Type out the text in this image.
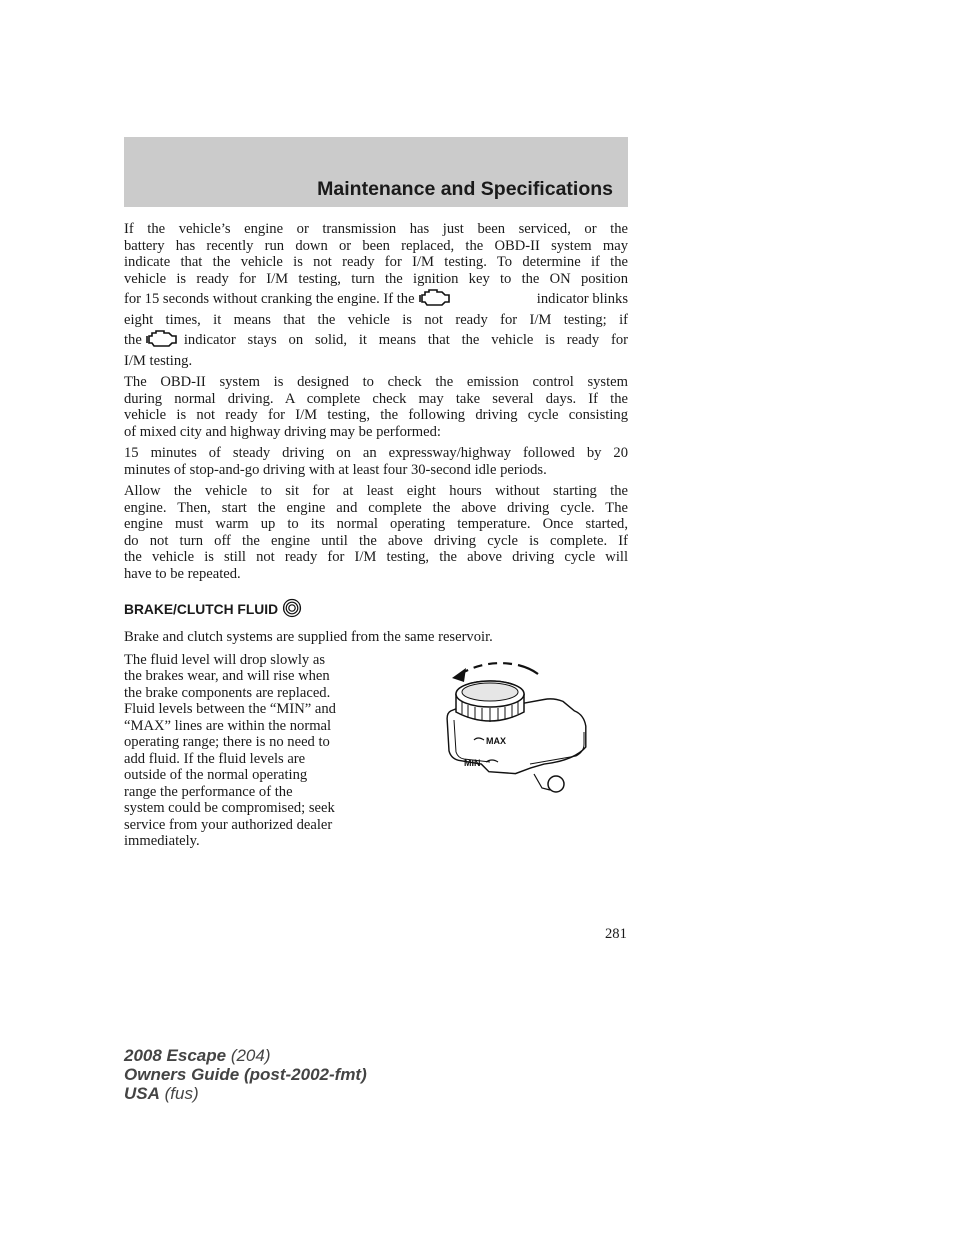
Maintenance and Specifications

If the vehicle’s engine or transmission has just been serviced, or the
battery has recently run down or been replaced, the OBD-II system may
indicate that the vehicle is not ready for I/M testing. To determine if the
vehicle is ready for I/M testing, turn the ignition key to the ON position
for 15 seconds without cranking the engine. If the	indicator blinks
eight times, it means that the vehicle is not ready for I/M testing; if
the	indicator stays on solid, it means that the vehicle is ready for
I/M testing.

The OBD-II system is designed to check the emission control system
during normal driving. A complete check may take several days. If the
vehicle is not ready for I/M testing, the following driving cycle consisting
of mixed city and highway driving may be performed:

15 minutes of steady driving on an expressway/highway followed by 20
minutes of stop-and-go driving with at least four 30-second idle periods.

Allow the vehicle to sit for at least eight hours without starting the
engine. Then, start the engine and complete the above driving cycle. The
engine must warm up to its normal operating temperature. Once started,
do not turn off the engine until the above driving cycle is complete. If
the vehicle is still not ready for I/M testing, the above driving cycle will
have to be repeated.

BRAKE/CLUTCH FLUID

Brake and clutch systems are supplied from the same reservoir.

The fluid level will drop slowly as
the brakes wear, and will rise when
the brake components are replaced.
Fluid levels between the “MIN” and
“MAX” lines are within the normal
operating range; there is no need to
add fluid. If the fluid levels are
outside of the normal operating
range the performance of the
system could be compromised; seek
service from your authorized dealer
immediately.

MAX
MIN
281
2008 Escape (204)
Owners Guide (post-2002-fmt)
USA (fus)
